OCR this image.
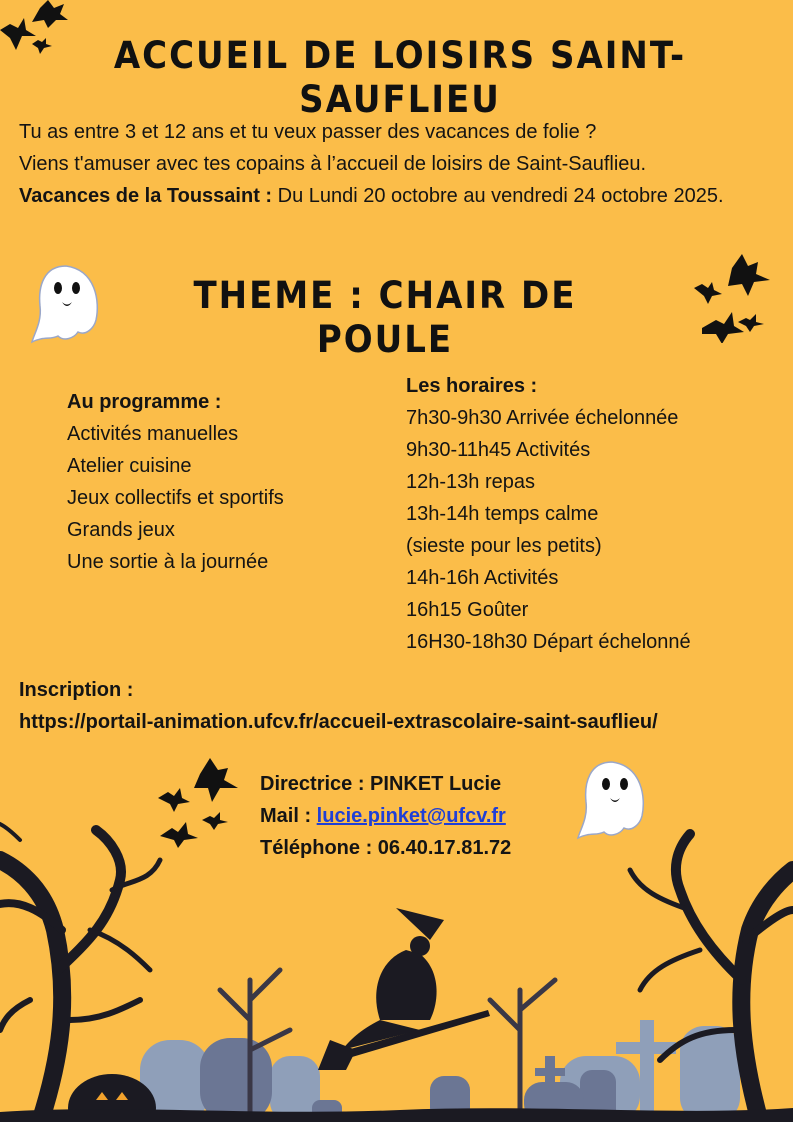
ACCUEIL DE LOISIRS SAINT-SAUFLIEU
Tu as entre 3 et 12 ans et tu veux passer des vacances de folie ?
Viens t'amuser avec tes copains à l’accueil de loisirs de Saint-Sauflieu.
Vacances de la Toussaint : Du Lundi 20 octobre au vendredi 24 octobre 2025.
THEME : CHAIR DE POULE
Au programme :
Activités manuelles
Atelier cuisine
Jeux collectifs et sportifs
Grands jeux
Une sortie à la journée
Les horaires :
7h30-9h30 Arrivée échelonnée
9h30-11h45 Activités
12h-13h repas
13h-14h temps calme
(sieste pour les petits)
14h-16h Activités
16h15 Goûter
16H30-18h30 Départ échelonné
Inscription :
https://portail-animation.ufcv.fr/accueil-extrascolaire-saint-sauflieu/
Directrice : PINKET Lucie
Mail : lucie.pinket@ufcv.fr
Téléphone : 06.40.17.81.72
